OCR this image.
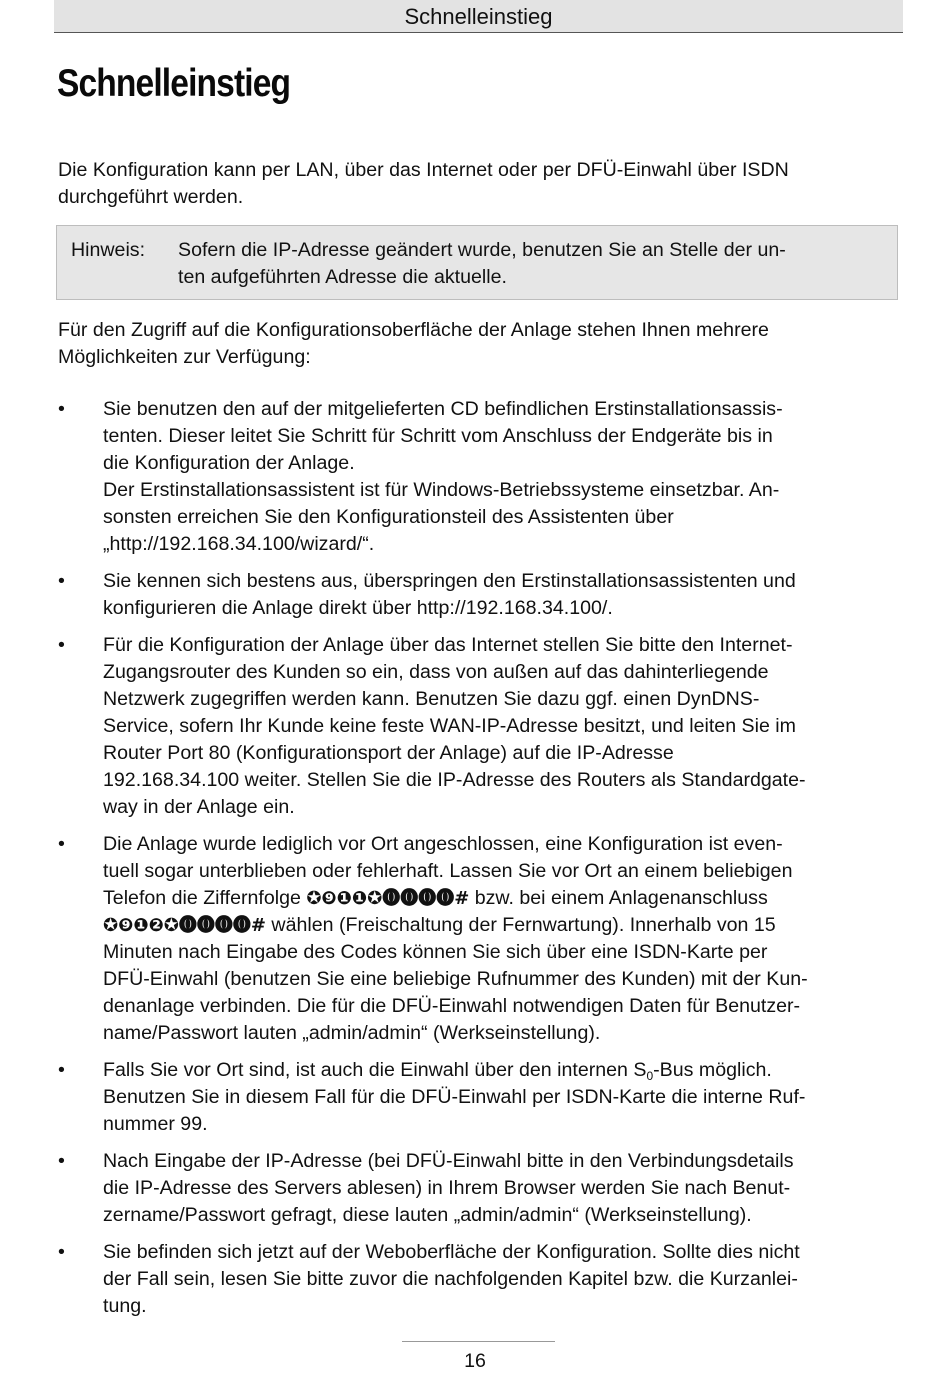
Schnelleinstieg
Schnelleinstieg

Die Konfiguration kann per LAN, über das Internet oder per DFÜ-Einwahl über ISDN
durchgeführt werden.

Hinweis: Sofern die IP-Adresse geändert wurde, benutzen Sie an Stelle der un-
ten aufgeführten Adresse die aktuelle.

Für den Zugriff auf die Konfigurationsoberfläche der Anlage stehen Ihnen mehrere
Möglichkeiten zur Verfügung:

• Sie benutzen den auf der mitgelieferten CD befindlichen Erstinstallationsassis-
tenten. Dieser leitet Sie Schritt für Schritt vom Anschluss der Endgeräte bis in
die Konfiguration der Anlage.
Der Erstinstallationsassistent ist für Windows-Betriebssysteme einsetzbar. An-
sonsten erreichen Sie den Konfigurationsteil des Assistenten über
„http://192.168.34.100/wizard/“.
• Sie kennen sich bestens aus, überspringen den Erstinstallationsassistenten und
konfigurieren die Anlage direkt über http://192.168.34.100/.
• Für die Konfiguration der Anlage über das Internet stellen Sie bitte den Internet-
Zugangsrouter des Kunden so ein, dass von außen auf das dahinterliegende
Netzwerk zugegriffen werden kann. Benutzen Sie dazu ggf. einen DynDNS-
Service, sofern Ihr Kunde keine feste WAN-IP-Adresse besitzt, und leiten Sie im
Router Port 80 (Konfigurationsport der Anlage) auf die IP-Adresse
192.168.34.100 weiter. Stellen Sie die IP-Adresse des Routers als Standardgate-
way in der Anlage ein.
• Die Anlage wurde lediglich vor Ort angeschlossen, eine Konfiguration ist even-
tuell sogar unterblieben oder fehlerhaft. Lassen Sie vor Ort an einem beliebigen
Telefon die Ziffernfolge ✪❾❶❶✪⓿⓿⓿⓿# bzw. bei einem Anlagenanschluss
✪❾❶❷✪⓿⓿⓿⓿# wählen (Freischaltung der Fernwartung). Innerhalb von 15
Minuten nach Eingabe des Codes können Sie sich über eine ISDN-Karte per
DFÜ-Einwahl (benutzen Sie eine beliebige Rufnummer des Kunden) mit der Kun-
denanlage verbinden. Die für die DFÜ-Einwahl notwendigen Daten für Benutzer-
name/Passwort lauten „admin/admin“ (Werkseinstellung).
• Falls Sie vor Ort sind, ist auch die Einwahl über den internen $S_0$-Bus möglich.
Benutzen Sie in diesem Fall für die DFÜ-Einwahl per ISDN-Karte die interne Ruf-
nummer 99.
• Nach Eingabe der IP-Adresse (bei DFÜ-Einwahl bitte in den Verbindungsdetails
die IP-Adresse des Servers ablesen) in Ihrem Browser werden Sie nach Benut-
zername/Passwort gefragt, diese lauten „admin/admin“ (Werkseinstellung).
• Sie befinden sich jetzt auf der Weboberfläche der Konfiguration. Sollte dies nicht
der Fall sein, lesen Sie bitte zuvor die nachfolgenden Kapitel bzw. die Kurzanlei-
tung.
16
